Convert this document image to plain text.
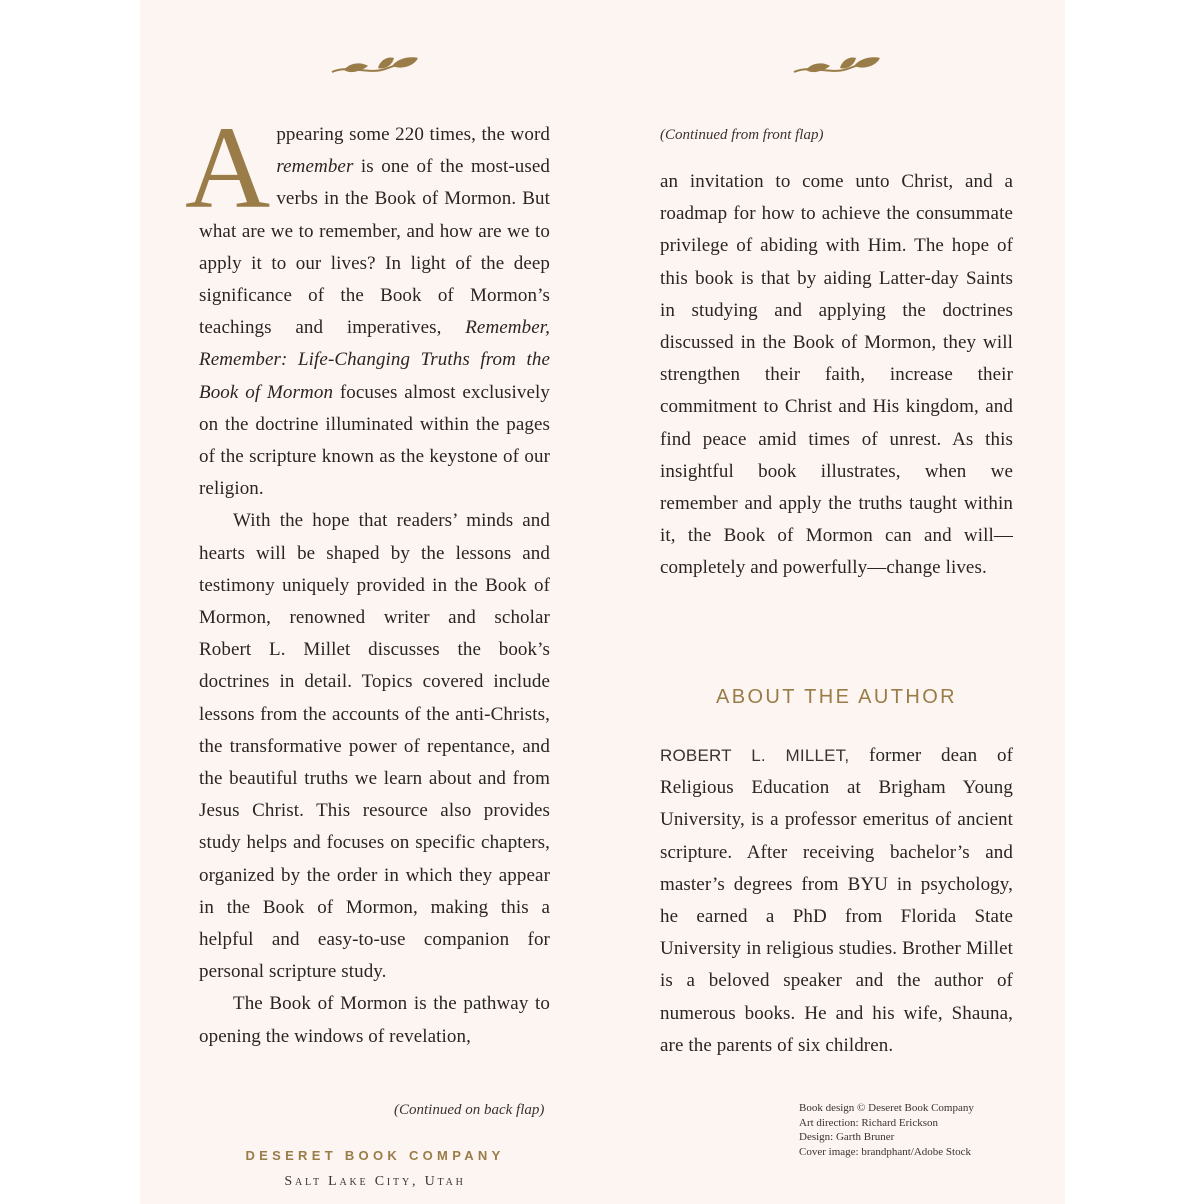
Appearing some 220 times, the word remember is one of the most-used verbs in the Book of Mormon. But what are we to remember, and how are we to apply it to our lives? In light of the deep significance of the Book of Mormon’s teachings and imperatives, Remember, Remember: Life-Changing Truths from the Book of Mormon focuses almost exclusively on the doctrine illuminated within the pages of the scripture known as the keystone of our religion.

With the hope that readers’ minds and hearts will be shaped by the lessons and testimony uniquely provided in the Book of Mormon, renowned writer and scholar Robert L. Millet discusses the book’s doctrines in detail. Topics covered include lessons from the accounts of the anti-Christs, the transformative power of repentance, and the beautiful truths we learn about and from Jesus Christ. This resource also provides study helps and focuses on specific chapters, organized by the order in which they appear in the Book of Mormon, making this a helpful and easy-to-use companion for personal scripture study.

The Book of Mormon is the pathway to opening the windows of revelation,

(Continued on back flap)
(Continued from front flap)

an invitation to come unto Christ, and a roadmap for how to achieve the consummate privilege of abiding with Him. The hope of this book is that by aiding Latter-day Saints in studying and applying the doctrines discussed in the Book of Mormon, they will strengthen their faith, increase their commitment to Christ and His kingdom, and find peace amid times of unrest. As this insightful book illustrates, when we remember and apply the truths taught within it, the Book of Mormon can and will—completely and powerfully—change lives.

ABOUT THE AUTHOR

ROBERT L. MILLET, former dean of Religious Education at Brigham Young University, is a professor emeritus of ancient scripture. After receiving bachelor’s and master’s degrees from BYU in psychology, he earned a PhD from Florida State University in religious studies. Brother Millet is a beloved speaker and the author of numerous books. He and his wife, Shauna, are the parents of six children.

DESERET BOOK COMPANY
Salt Lake City, Utah
Book design © Deseret Book Company
Art direction: Richard Erickson
Design: Garth Bruner
Cover image: brandphant/Adobe Stock
